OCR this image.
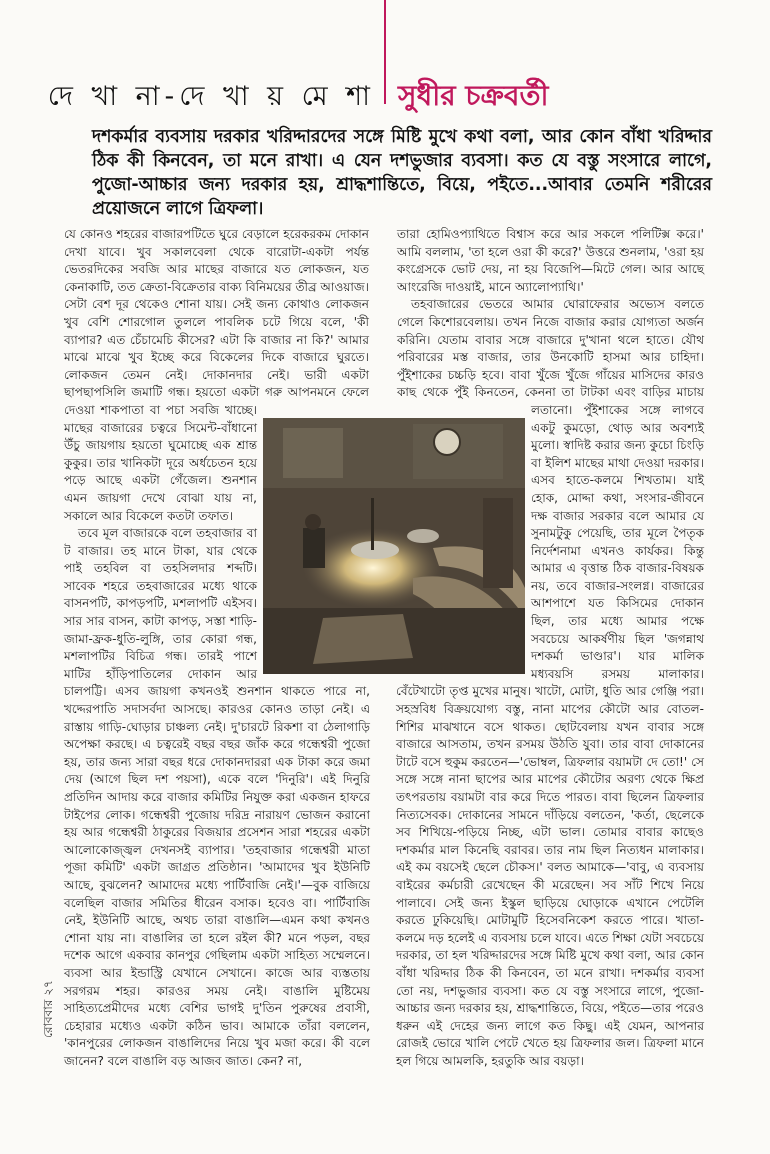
দে খা না-দে খা য় মে শা সুধীর চক্রবর্তী
দশকর্মার ব্যবসায় দরকার খরিদ্দারদের সঙ্গে মিষ্টি মুখে কথা বলা, আর কোন বাঁধা খরিদ্দার ঠিক কী কিনবেন, তা মনে রাখা। এ যেন দশভুজার ব্যবসা। কত যে বস্তু সংসারে লাগে, পুজো-আচ্চার জন্য দরকার হয়, শ্রাদ্ধশান্তিতে, বিয়ে, পইতে...আবার তেমনি শরীরের প্রয়োজনে লাগে ত্রিফলা।

যে কোনও শহরের বাজারপটিতে ঘুরে বেড়ালে হরেকরকম দোকান দেখা যাবে। খুব সকালবেলা থেকে বারোটা-একটা পর্যন্ত ভেতরদিকের সবজি আর মাছের বাজারে যত লোকজন, যত কেনাকাটি, তত ক্রেতা-বিক্রেতার বাক্য বিনিময়ের তীব্র আওয়াজ। সেটা বেশ দূর থেকেও শোনা যায়। সেই জন্য কোথাও লোকজন খুব বেশি শোরগোল তুললে পাবলিক চটে গিয়ে বলে, 'কী ব্যাপার? এত চেঁচামেচি কীসের? এটা কি বাজার না কি?' আমার মাঝে মাঝে খুব ইচ্ছে করে বিকেলের দিকে বাজারে ঘুরতে। লোকজন তেমন নেই। দোকানদার নেই। ভারী একটা ছাপছাপসিলি জমাটি গন্ধ। হয়তো একটা গরু আপনমনে ফেলে দেওয়া শাকপাতা বা পচা সবজি খাচ্ছে। মাছের বাজারের চত্বরে সিমেন্ট-বাঁধানো উঁচু জায়গায় হয়তো ঘুমোচ্ছে এক শ্রান্ত কুকুর। তার খানিকটা দূরে অর্ধচেতন হয়ে পড়ে আছে একটা গেঁজেল। শুনশান এমন জায়গা দেখে বোঝা যায় না, সকালে আর বিকেলে কতটা তফাত।

তবে মূল বাজারকে বলে তহবাজার বা ট বাজার। তহ মানে টাকা, যার থেকে পাই তহবিল বা তহসিলদার শব্দটি। সাবেক শহরে তহবাজারের মধ্যে থাকে বাসনপটি, কাপড়পটি, মশলাপটি এইসব। সার সার বাসন, কাটা কাপড়, সস্তা শাড়ি-জামা-ফ্রক-ধুতি-লুঙ্গি, তার কোরা গন্ধ, মশলাপটির বিচিত্র গন্ধ। তারই পাশে মাটির হাঁড়িপাতিলের দোকান আর চালপট্টি। এসব জায়গা কখনওই শুনশান থাকতে পারে না, খদ্দেরপাতি সদাসর্বদা আসছে। কারওর কোনও তাড়া নেই। এ রাস্তায় গাড়ি-ঘোড়ার চাঞ্চল্য নেই। দু'চারটে রিকশা বা ঠেলাগাড়ি অপেক্ষা করছে। এ চত্বরেই বছর বছর জাঁক করে গন্ধেশ্বরী পুজো হয়, তার জন্য সারা বছর ধরে দোকানদাররা এক টাকা করে জমা দেয় (আগে ছিল দশ পয়সা), একে বলে 'দিনুরি'। এই দিনুরি প্রতিদিন আদায় করে বাজার কমিটির নিযুক্ত করা একজন হাফরে টাইপের লোক। গন্ধেশ্বরী পুজোয় দরিদ্র নারায়ণ ভোজন করানো হয় আর গন্ধেশ্বরী ঠাকুরের বিজয়ার প্রসেশন সারা শহরের একটা আলোকোজ্জ্বল দেখনসই ব্যাপার। 'তহবাজার গন্ধেশ্বরী মাতা পূজা কমিটি' একটা জাগ্রত প্রতিষ্ঠান। 'আমাদের খুব ইউনিটি আছে, বুঝলেন? আমাদের মধ্যে পার্টিবাজি নেই।'—বুক বাজিয়ে বলেছিল বাজার সমিতির ধীরেন বসাক। হবেও বা। পার্টিবাজি নেই, ইউনিটি আছে, অথচ তারা বাঙালি—এমন কথা কখনও শোনা যায় না। বাঙালির তা হলে রইল কী? মনে পড়ল, বছর দশেক আগে একবার কানপুর গেছিলাম একটা সাহিত্য সম্মেলনে। ব্যবসা আর ইন্ডাস্ট্রি যেখানে সেখানে। কাজে আর ব্যস্ততায় সরগরম শহর। কারওর সময় নেই। বাঙালি মুষ্টিমেয় সাহিত্যপ্রেমীদের মধ্যে বেশির ভাগই দু'তিন পুরুষের প্রবাসী, চেহারার মধ্যেও একটা কঠিন ভাব। আমাকে তাঁরা বললেন, 'কানপুরের লোকজন বাঙালিদের নিয়ে খুব মজা করে। কী বলে জানেন? বলে বাঙালি বড় আজব জাত। কেন? না,

তারা হোমিওপ্যাথিতে বিশ্বাস করে আর সকলে পলিটিক্স করে।' আমি বললাম, 'তা হলে ওরা কী করে?' উত্তরে শুনলাম, 'ওরা হয় কংগ্রেসকে ভোট দেয়, না হয় বিজেপি—মিটে গেল। আর আছে আংরেজি দাওয়াই, মানে অ্যালোপ্যাথি।'

তহবাজারের ভেতরে আমার ঘোরাফেরার অভ্যেস বলতে গেলে কিশোরবেলায়। তখন নিজে বাজার করার যোগ্যতা অর্জন করিনি। যেতাম বাবার সঙ্গে বাজারে দু'খানা থলে হাতে। যৌথ পরিবারের মস্ত বাজার, তার উনকোটি হাসমা আর চাহিদা। পুঁইশাকের চচ্চড়ি হবে। বাবা খুঁজে খুঁজে গাঁয়ের মাসিদের কারও কাছ থেকে পুঁই কিনতেন, কেননা তা টাটকা এবং বাড়ির মাচায় লতানো। পুঁইশাকের সঙ্গে লাগবে একটু কুমড়ো, থোড় আর অবশ্যই মুলো। স্বাদিষ্ট করার জন্য কুচো চিংড়ি বা ইলিশ মাছের মাথা দেওয়া দরকার। এসব হাতে-কলমে শিখতাম। যাই হোক, মোদ্দা কথা, সংসার-জীবনে দক্ষ বাজার সরকার বলে আমার যে সুনামটুকু পেয়েছি, তার মূলে পৈতৃক নির্দেশনামা এখনও কার্যকর। কিন্তু আমার এ বৃত্তান্ত ঠিক বাজার-বিষয়ক নয়, তবে বাজার-সংলগ্ন। বাজারের আশপাশে যত কিসিমের দোকান ছিল, তার মধ্যে আমার পক্ষে সবচেয়ে আকর্ষণীয় ছিল 'জগন্নাথ দশকর্মা ভাণ্ডার'। যার মালিক মধ্যবয়সি রসময় মালাকার। বেঁটেখাটো তৃপ্ত মুখের মানুষ। খাটো, মোটা, ধুতি আর গেঞ্জি পরা। সহস্রবিধ বিক্রয়যোগ্য বস্তু, নানা মাপের কৌটো আর বোতল-শিশির মাঝখানে বসে থাকত। ছোটবেলায় যখন বাবার সঙ্গে বাজারে আসতাম, তখন রসময় উঠতি যুবা। তার বাবা দোকানের টাটে বসে হুকুম করতেন—'ভোম্বল, ত্রিফলার বয়ামটা দে তো!' সে সঙ্গে সঙ্গে নানা ছাপের আর মাপের কৌটোর অরণ্য থেকে ক্ষিপ্র তৎপরতায় বয়ামটা বার করে দিতে পারত। বাবা ছিলেন ত্রিফলার নিত্যসেবক। দোকানের সামনে দাঁড়িয়ে বলতেন, 'কর্তা, ছেলেকে সব শিখিয়ে-পড়িয়ে নিচ্ছ, এটা ভাল। তোমার বাবার কাছেও দশকর্মার মাল কিনেছি বরাবর। তার নাম ছিল নিত্যধন মালাকার। এই কম বয়সেই ছেলে চৌকস।' বলত আমাকে—'বাবু, এ ব্যবসায় বাইরের কর্মচারী রেখেছেন কী মরেছেন। সব সাঁট শিখে নিয়ে পালাবে। সেই জন্য ইস্কুল ছাড়িয়ে ঘোড়াকে এখানে পেটেলি করতে ঢুকিয়েছি। মোটামুটি হিসেবনিকেশ করতে পারে। খাতা-কলমে দড় হলেই এ ব্যবসায় চলে যাবে। এতে শিক্ষা যেটা সবচেয়ে দরকার, তা হল খরিদ্দারদের সঙ্গে মিষ্টি মুখে কথা বলা, আর কোন বাঁধা খরিদ্দার ঠিক কী কিনবেন, তা মনে রাখা। দশকর্মার ব্যবসা তো নয়, দশভুজার ব্যবসা। কত যে বস্তু সংসারে লাগে, পুজো-আচ্চার জন্য দরকার হয়, শ্রাদ্ধশান্তিতে, বিয়ে, পইতে—তার পরেও ধরুন এই দেহের জন্য লাগে কত কিছু। এই যেমন, আপনার রোজই ভোরে খালি পেটে খেতে হয় ত্রিফলার জল। ত্রিফলা মানে হল গিয়ে আমলকি, হরতুকি আর বয়ড়া।

রোববার ২৭
